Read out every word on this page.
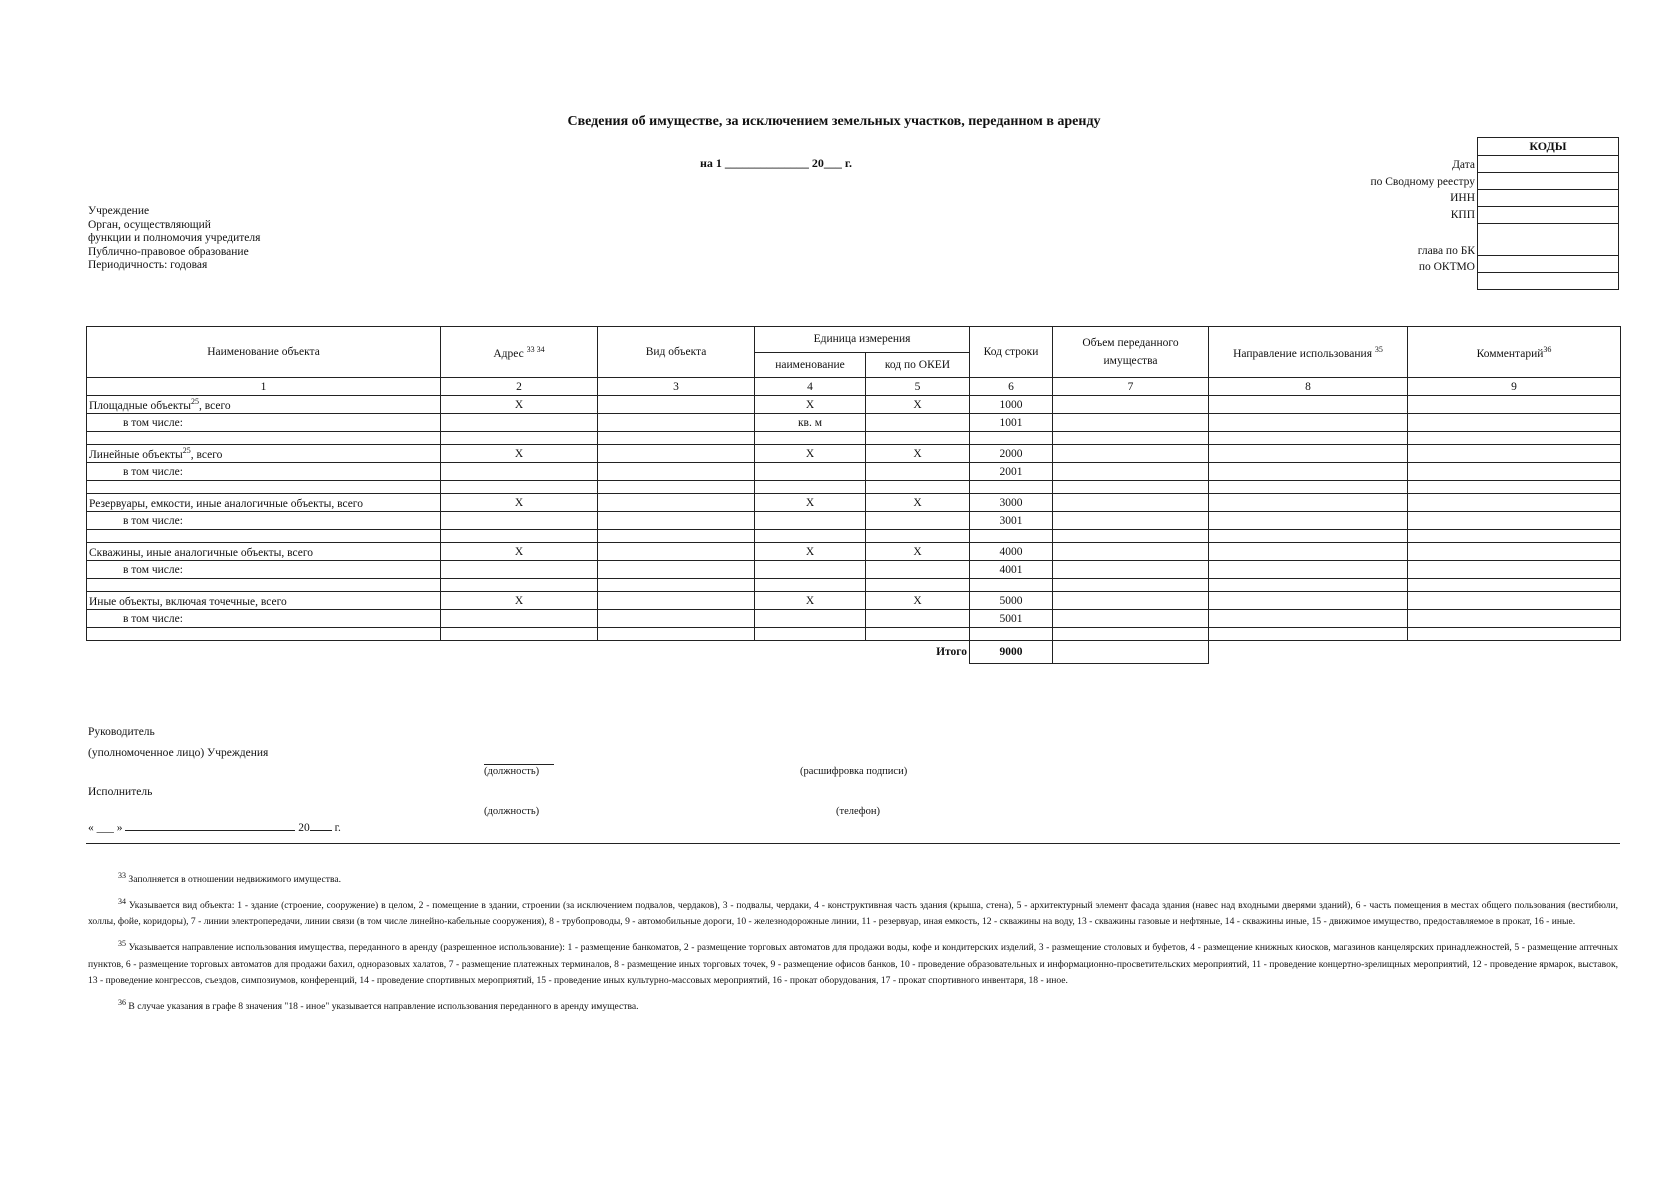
Сведения об имуществе, за исключением земельных участков, переданном в аренду
на 1 ______________ 20___ г.
Учреждение
Орган, осуществляющий
функции и полномочия учредителя
Публично-правовое образование
Периодичность: годовая
Дата
по Сводному реестру
ИНН
КПП
глава по БК
по ОКТМО
КОДЫ

Наименование объекта	Адрес $^{33 34}$	Вид объекта	Единица измерения		Код строки	Объем переданного имущества	Направление использования $^{35}$	Комментарий$^{36}$
			наименование	код по ОКЕИ				
1	2	3	4	5	6	7	8	9
Площадные объекты$^{25}$, всего	X		X	X	1000			
в том числе:			кв. м		1001			

Линейные объекты$^{25}$, всего	X		X	X	2000			
в том числе:					2001			

Резервуары, емкости, иные аналогичные объекты, всего	X		X	X	3000			
в том числе:					3001			

Скважины, иные аналогичные объекты, всего	X		X	X	4000			
в том числе:					4001			

Иные объекты, включая точечные, всего	X		X	X	5000			
в том числе:					5001			

				Итого	9000			
Руководитель
(уполномоченное лицо) Учреждения
(должность)	(расшифровка подписи)
Исполнитель
(должность)	(телефон)
« ___ »	20 г.

$^{33}$ Заполняется в отношении недвижимого имущества.

$^{34}$ Указывается вид объекта: 1 - здание (строение, сооружение) в целом, 2 - помещение в здании, строении (за исключением подвалов, чердаков), 3 - подвалы, чердаки, 4 - конструктивная часть здания (крыша, стена), 5 - архитектурный элемент фасада здания (навес над входными дверями зданий), 6 - часть помещения в местах общего пользования (вестибюли, холлы, фойе, коридоры), 7 - линии электропередачи, линии связи (в том числе линейно-кабельные сооружения), 8 - трубопроводы, 9 - автомобильные дороги, 10 - железнодорожные линии, 11 - резервуар, иная емкость, 12 - скважины на воду, 13 - скважины газовые и нефтяные, 14 - скважины иные, 15 - движимое имущество, предоставляемое в прокат, 16 - иные.

$^{35}$ Указывается направление использования имущества, переданного в аренду (разрешенное использование): 1 - размещение банкоматов, 2 - размещение торговых автоматов для продажи воды, кофе и кондитерских изделий, 3 - размещение столовых и буфетов, 4 - размещение книжных киосков, магазинов канцелярских принадлежностей, 5 - размещение аптечных пунктов, 6 - размещение торговых автоматов для продажи бахил, одноразовых халатов, 7 - размещение платежных терминалов, 8 - размещение иных торговых точек, 9 - размещение офисов банков, 10 - проведение образовательных и информационно-просветительских мероприятий, 11 - проведение концертно-зрелищных мероприятий, 12 - проведение ярмарок, выставок, 13 - проведение конгрессов, съездов, симпозиумов, конференций, 14 - проведение спортивных мероприятий, 15 - проведение иных культурно-массовых мероприятий, 16 - прокат оборудования, 17 - прокат спортивного инвентаря, 18 - иное.

$^{36}$ В случае указания в графе 8 значения "18 - иное" указывается направление использования переданного в аренду имущества.
